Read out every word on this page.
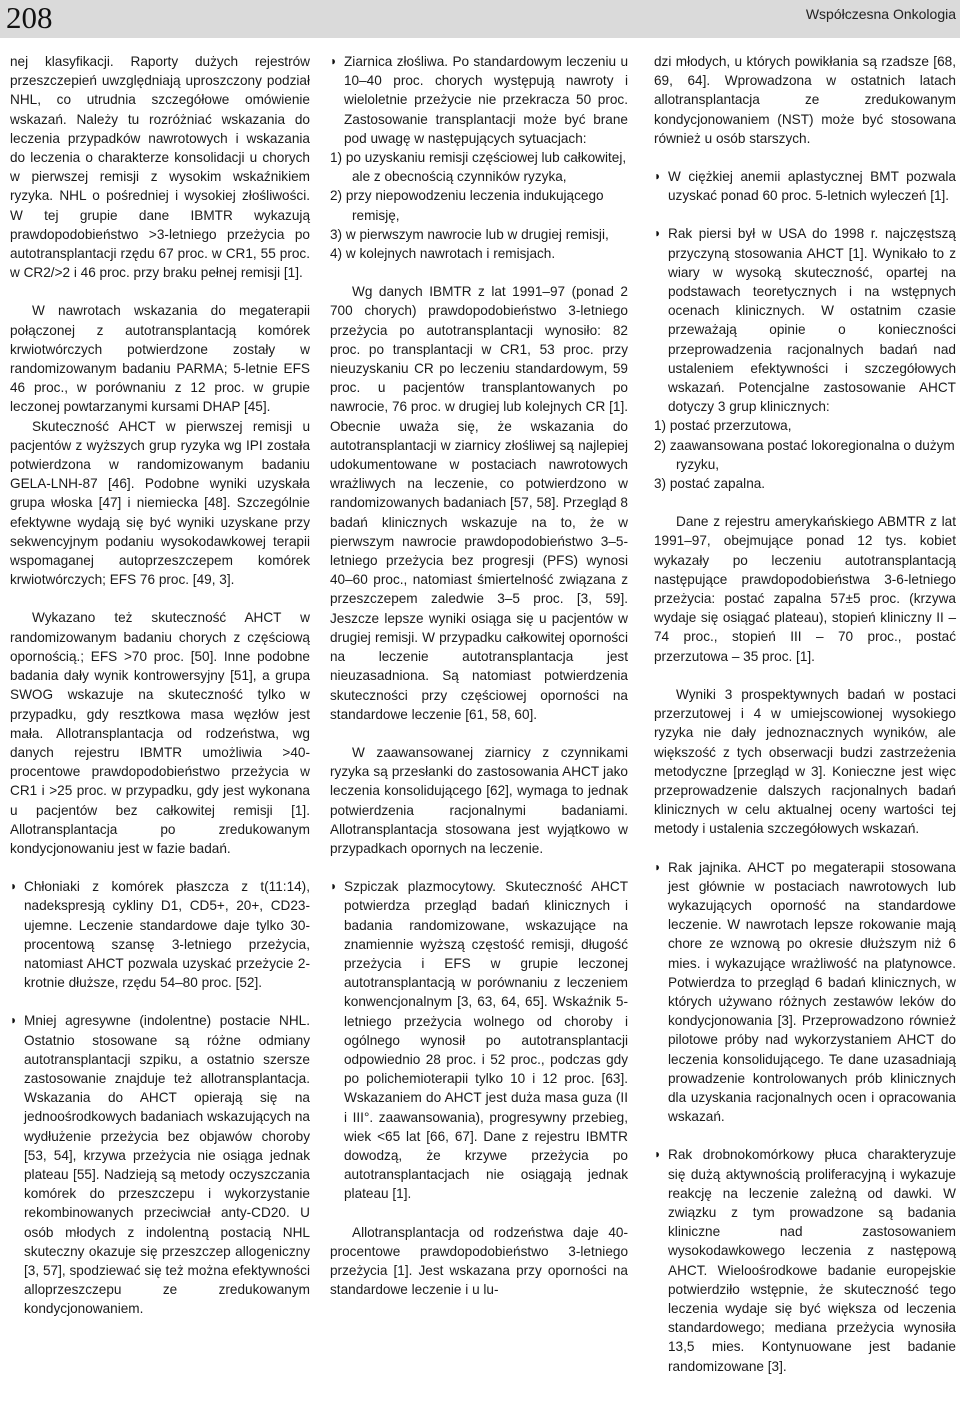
208	Współczesna Onkologia

nej klasyfikacji. Raporty dużych rejestrów przeszczepień uwzględniają uproszczony podział NHL, co utrudnia szczegółowe omówienie wskazań. Należy tu rozróżniać wskazania do leczenia przypadków nawrotowych i wskazania do leczenia o charakterze konsolidacji u chorych w pierwszej remisji z wysokim wskaźnikiem ryzyka. NHL o pośredniej i wysokiej złośliwości. W tej grupie dane IBMTR wykazują prawdopodobieństwo >3-letniego przeżycia po autotransplantacji rzędu 67 proc. w CR1, 55 proc. w CR2/>2 i 46 proc. przy braku pełnej remisji [1].

W nawrotach wskazania do megaterapii połączonej z autotransplantacją komórek krwiotwórczych potwierdzone zostały w randomizowanym badaniu PARMA; 5-letnie EFS 46 proc., w porównaniu z 12 proc. w grupie leczonej powtarzanymi kursami DHAP [45].

Skuteczność AHCT w pierwszej remisji u pacjentów z wyższych grup ryzyka wg IPI została potwierdzona w randomizowanym badaniu GELA-LNH-87 [46]. Podobne wyniki uzyskała grupa włoska [47] i niemiecka [48]. Szczególnie efektywne wydają się być wyniki uzyskane przy sekwencyjnym podaniu wysokodawkowej terapii wspomaganej autoprzeszczepem komórek krwiotwórczych; EFS 76 proc. [49, 3].

Wykazano też skuteczność AHCT w randomizowanym badaniu chorych z częściową opornością.; EFS >70 proc. [50]. Inne podobne badania dały wynik kontrowersyjny [51], a grupa SWOG wskazuje na skuteczność tylko w przypadku, gdy resztkowa masa węzłów jest mała. Allotransplantacja od rodzeństwa, wg danych rejestru IBMTR umożliwia >40-procentowe prawdopodobieństwo przeżycia w CR1 i >25 proc. w przypadku, gdy jest wykonana u pacjentów bez całkowitej remisji [1]. Allotransplantacja po zredukowanym kondycjonowaniu jest w fazie badań.

◗ Chłoniaki z komórek płaszcza z t(11:14), nadekspresją cykliny D1, CD5+, 20+, CD23-ujemne. Leczenie standardowe daje tylko 30-procentową szansę 3-letniego przeżycia, natomiast AHCT pozwala uzyskać przeżycie 2-krotnie dłuższe, rzędu 54–80 proc. [52].

◗ Mniej agresywne (indolentne) postacie NHL. Ostatnio stosowane są różne odmiany autotransplantacji szpiku, a ostatnio szersze zastosowanie znajduje też allotransplantacja. Wskazania do AHCT opierają się na jednoośrodkowych badaniach wskazujących na wydłużenie przeżycia bez objawów choroby [53, 54], krzywa przeżycia nie osiąga jednak plateau [55]. Nadzieją są metody oczyszczania komórek do przeszczepu i wykorzystanie rekombinowanych przeciwciał anty-CD20. U osób młodych z indolentną postacią NHL skuteczny okazuje się przeszczep allogeniczny [3, 57], spodziewać się też można efektywności alloprzeszczepu ze zredukowanym kondycjonowaniem.

◗ Ziarnica złośliwa. Po standardowym leczeniu u 10–40 proc. chorych występują nawroty i wieloletnie przeżycie nie przekracza 50 proc. Zastosowanie transplantacji może być brane pod uwagę w następujących sytuacjach:

1) po uzyskaniu remisji częściowej lub całkowitej, ale z obecnością czynników ryzyka,
2) przy niepowodzeniu leczenia indukującego remisję,
3) w pierwszym nawrocie lub w drugiej remisji,
4) w kolejnych nawrotach i remisjach.

Wg danych IBMTR z lat 1991–97 (ponad 2 700 chorych) prawdopodobieństwo 3-letniego przeżycia po autotransplantacji wynosiło: 82 proc. po transplantacji w CR1, 53 proc. przy nieuzyskaniu CR po leczeniu standardowym, 59 proc. u pacjentów transplantowanych po nawrocie, 76 proc. w drugiej lub kolejnych CR [1]. Obecnie uważa się, że wskazania do autotransplantacji w ziarnicy złośliwej są najlepiej udokumentowane w postaciach nawrotowych wrażliwych na leczenie, co potwierdzono w randomizowanych badaniach [57, 58]. Przegląd 8 badań klinicznych wskazuje na to, że w pierwszym nawrocie prawdopodobieństwo 3–5-letniego przeżycia bez progresji (PFS) wynosi 40–60 proc., natomiast śmiertelność związana z przeszczepem zaledwie 3–5 proc. [3, 59]. Jeszcze lepsze wyniki osiąga się u pacjentów w drugiej remisji. W przypadku całkowitej oporności na leczenie autotransplantacja jest nieuzasadniona. Są natomiast potwierdzenia skuteczności przy częściowej oporności na standardowe leczenie [61, 58, 60].

W zaawansowanej ziarnicy z czynnikami ryzyka są przesłanki do zastosowania AHCT jako leczenia konsolidującego [62], wymaga to jednak potwierdzenia racjonalnymi badaniami. Allotransplantacja stosowana jest wyjątkowo w przypadkach opornych na leczenie.

◗ Szpiczak plazmocytowy. Skuteczność AHCT potwierdza przegląd badań klinicznych i badania randomizowane, wskazujące na znamiennie wyższą częstość remisji, długość przeżycia i EFS w grupie leczonej autotransplantacją w porównaniu z leczeniem konwencjonalnym [3, 63, 64, 65]. Wskaźnik 5-letniego przeżycia wolnego od choroby i ogólnego wynosił po autotransplantacji odpowiednio 28 proc. i 52 proc., podczas gdy po polichemioterapii tylko 10 i 12 proc. [63]. Wskazaniem do AHCT jest duża masa guza (II i III°. zaawansowania), progresywny przebieg, wiek <65 lat [66, 67]. Dane z rejestru IBMTR dowodzą, że krzywe przeżycia po autotransplantacjach nie osiągają jednak plateau [1].

Allotransplantacja od rodzeństwa daje 40-procentowe prawdopodobieństwo 3-letniego przeżycia [1]. Jest wskazana przy oporności na standardowe leczenie i u lu-

dzi młodych, u których powikłania są rzadsze [68, 69, 64]. Wprowadzona w ostatnich latach allotransplantacja ze zredukowanym kondycjonowaniem (NST) może być stosowana również u osób starszych.

◗ W ciężkiej anemii aplastycznej BMT pozwala uzyskać ponad 60 proc. 5-letnich wyleczeń [1].

◗ Rak piersi był w USA do 1998 r. najczęstszą przyczyną stosowania AHCT [1]. Wynikało to z wiary w wysoką skuteczność, opartej na podstawach teoretycznych i na wstępnych ocenach klinicznych. W ostatnim czasie przeważają opinie o konieczności przeprowadzenia racjonalnych badań nad ustaleniem efektywności i szczegółowych wskazań. Potencjalne zastosowanie AHCT dotyczy 3 grup klinicznych:

1) postać przerzutowa,
2) zaawansowana postać lokoregionalna o dużym ryzyku,
3) postać zapalna.

Dane z rejestru amerykańskiego ABMTR z lat 1991–97, obejmujące ponad 12 tys. kobiet wykazały po leczeniu autotransplantacją następujące prawdopodobieństwa 3-6-letniego przeżycia: postać zapalna 57±5 proc. (krzywa wydaje się osiągać plateau), stopień kliniczny II – 74 proc., stopień III – 70 proc., postać przerzutowa – 35 proc. [1].

Wyniki 3 prospektywnych badań w postaci przerzutowej i 4 w umiejscowionej wysokiego ryzyka nie dały jednoznacznych wyników, ale większość z tych obserwacji budzi zastrzeżenia metodyczne [przegląd w 3]. Konieczne jest więc przeprowadzenie dalszych racjonalnych badań klinicznych w celu aktualnej oceny wartości tej metody i ustalenia szczegółowych wskazań.

◗ Rak jajnika. AHCT po megaterapii stosowana jest głównie w postaciach nawrotowych lub wykazujących oporność na standardowe leczenie. W nawrotach lepsze rokowanie mają chore ze wznową po okresie dłuższym niż 6 mies. i wykazujące wrażliwość na platynowce. Potwierdza to przegląd 6 badań klinicznych, w których używano różnych zestawów leków do kondycjonowania [3]. Przeprowadzono również pilotowe próby nad wykorzystaniem AHCT do leczenia konsolidującego. Te dane uzasadniają prowadzenie kontrolowanych prób klinicznych dla uzyskania racjonalnych ocen i opracowania wskazań.

◗ Rak drobnokomórkowy płuca charakteryzuje się dużą aktywnością proliferacyjną i wykazuje reakcję na leczenie zależną od dawki. W związku z tym prowadzone są badania kliniczne nad zastosowaniem wysokodawkowego leczenia z następową AHCT. Wieloośrodkowe badanie europejskie potwierdziło wstępnie, że skuteczność tego leczenia wydaje się być większa od leczenia standardowego; mediana przeżycia wynosiła 13,5 mies. Kontynuowane jest badanie randomizowane [3].
